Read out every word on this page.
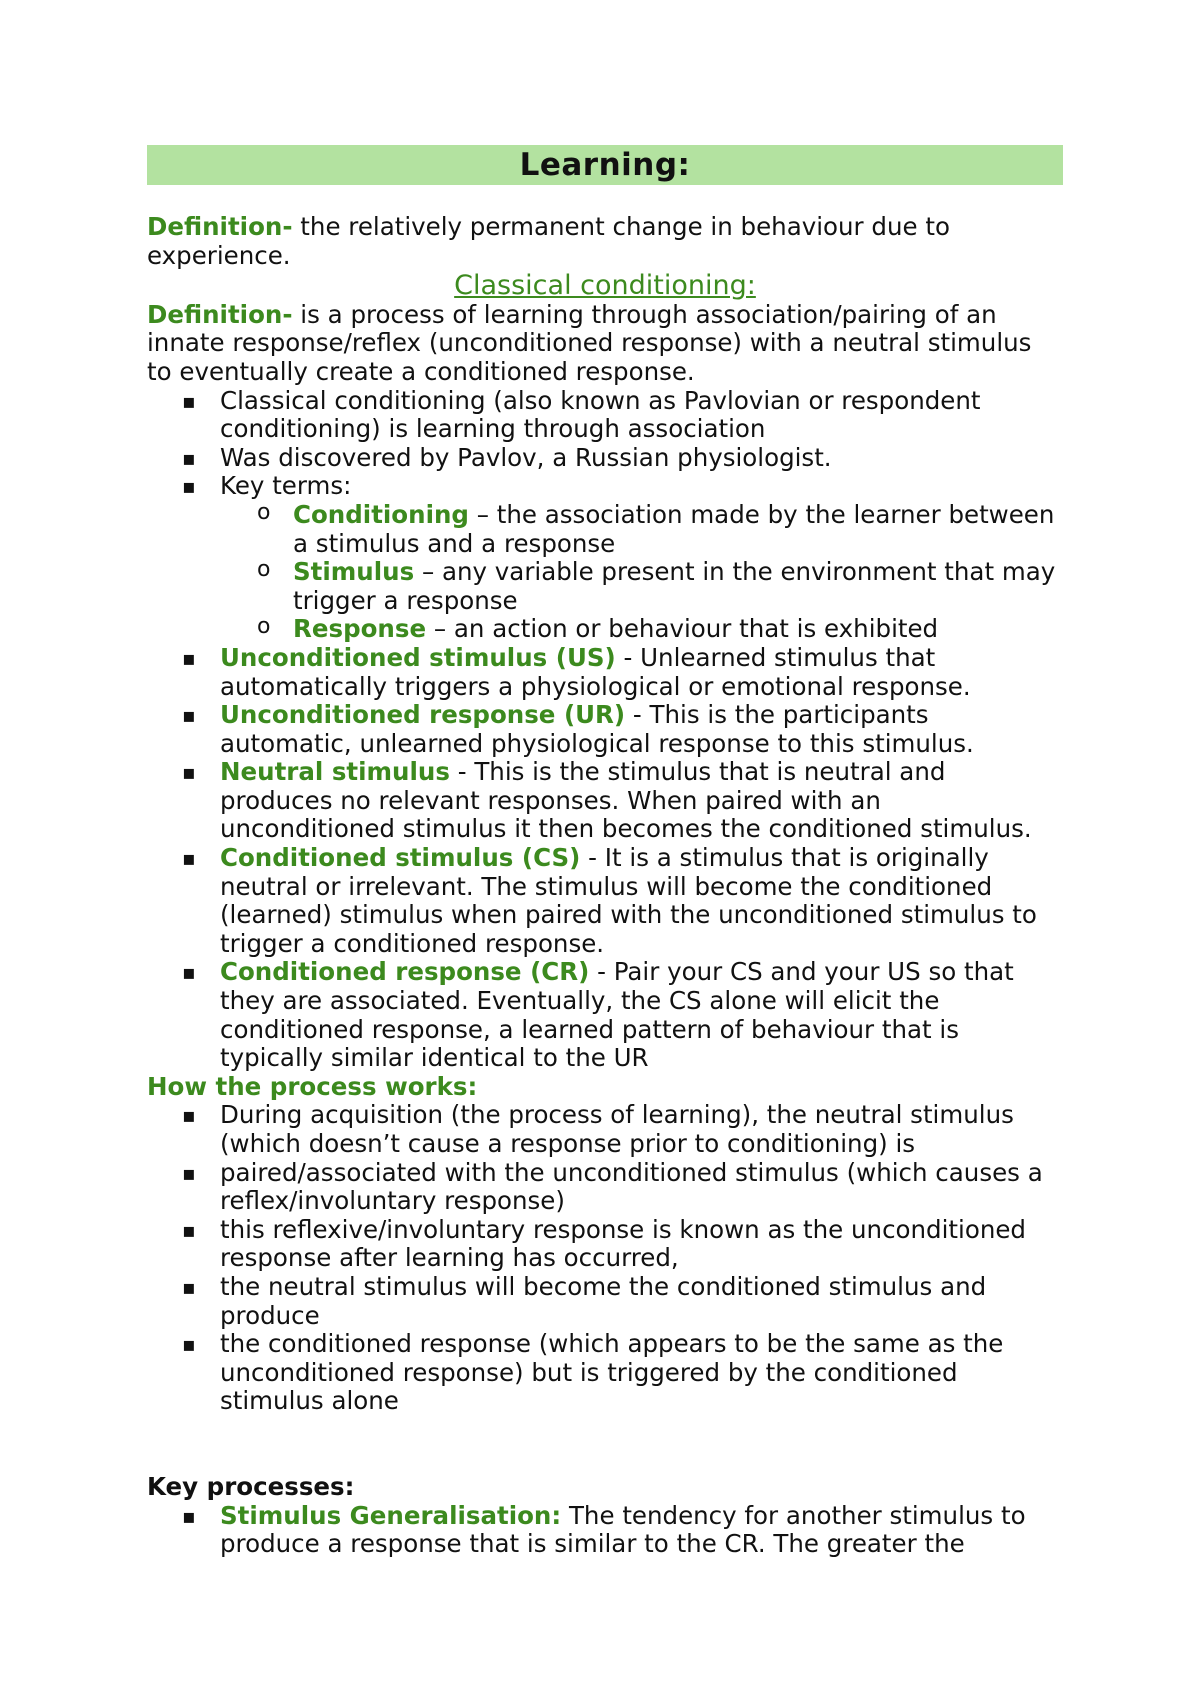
Learning:

Definition- the relatively permanent change in behaviour due to experience.

Classical conditioning:

Definition- is a process of learning through association/pairing of an innate response/reflex (unconditioned response) with a neutral stimulus to eventually create a conditioned response.

▪ Classical conditioning (also known as Pavlovian or respondent conditioning) is learning through association
▪ Was discovered by Pavlov, a Russian physiologist.
▪ Key terms:
o Conditioning – the association made by the learner between a stimulus and a response
o Stimulus – any variable present in the environment that may trigger a response
o Response – an action or behaviour that is exhibited
▪ Unconditioned stimulus (US) - Unlearned stimulus that automatically triggers a physiological or emotional response.
▪ Unconditioned response (UR) - This is the participants automatic, unlearned physiological response to this stimulus.
▪ Neutral stimulus - This is the stimulus that is neutral and produces no relevant responses. When paired with an unconditioned stimulus it then becomes the conditioned stimulus.
▪ Conditioned stimulus (CS) - It is a stimulus that is originally neutral or irrelevant. The stimulus will become the conditioned (learned) stimulus when paired with the unconditioned stimulus to trigger a conditioned response.
▪ Conditioned response (CR) - Pair your CS and your US so that they are associated. Eventually, the CS alone will elicit the conditioned response, a learned pattern of behaviour that is typically similar identical to the UR

How the process works:

▪ During acquisition (the process of learning), the neutral stimulus (which doesn’t cause a response prior to conditioning) is
▪ paired/associated with the unconditioned stimulus (which causes a reflex/involuntary response)
▪ this reflexive/involuntary response is known as the unconditioned response after learning has occurred,
▪ the neutral stimulus will become the conditioned stimulus and produce
▪ the conditioned response (which appears to be the same as the unconditioned response) but is triggered by the conditioned stimulus alone

Key processes:

▪ Stimulus Generalisation: The tendency for another stimulus to produce a response that is similar to the CR. The greater the
